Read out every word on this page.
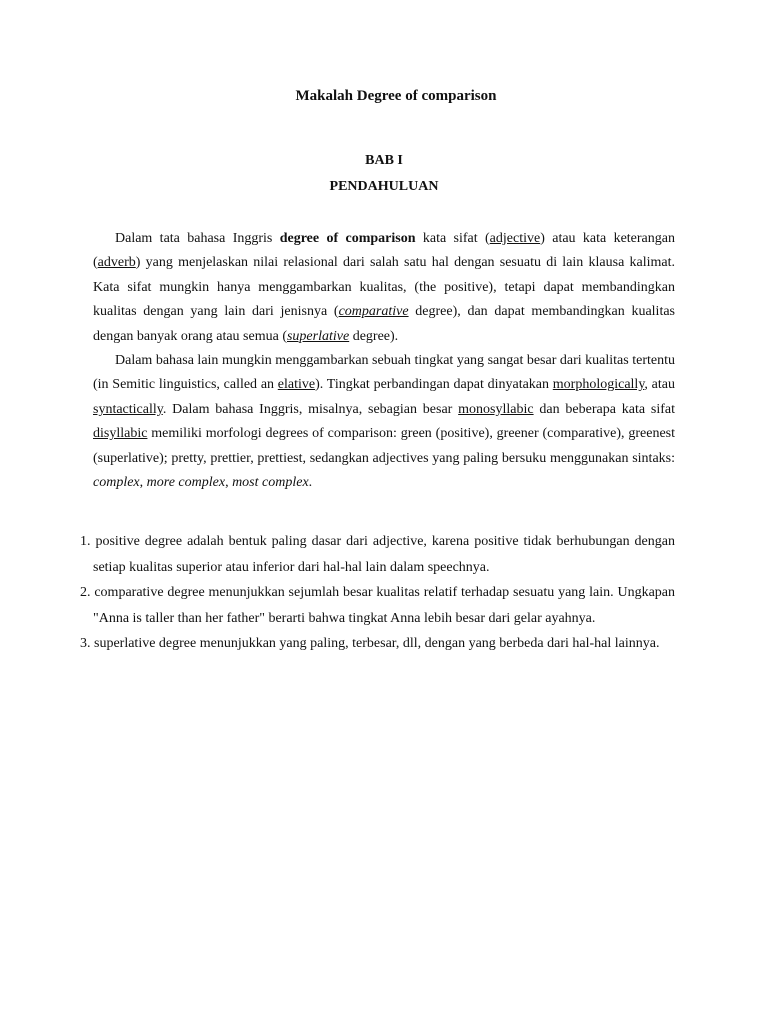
Makalah Degree of comparison
BAB I
PENDAHULUAN

Dalam tata bahasa Inggris degree of comparison kata sifat (adjective) atau kata keterangan (adverb) yang menjelaskan nilai relasional dari salah satu hal dengan sesuatu di lain klausa kalimat. Kata sifat mungkin hanya menggambarkan kualitas, (the positive), tetapi dapat membandingkan kualitas dengan yang lain dari jenisnya (comparative degree), dan dapat membandingkan kualitas dengan banyak orang atau semua (superlative degree).

Dalam bahasa lain mungkin menggambarkan sebuah tingkat yang sangat besar dari kualitas tertentu (in Semitic linguistics, called an elative). Tingkat perbandingan dapat dinyatakan morphologically, atau syntactically. Dalam bahasa Inggris, misalnya, sebagian besar monosyllabic dan beberapa kata sifat disyllabic memiliki morfologi degrees of comparison: green (positive), greener (comparative), greenest (superlative); pretty, prettier, prettiest, sedangkan adjectives yang paling bersuku menggunakan sintaks: complex, more complex, most complex.

1. positive degree adalah bentuk paling dasar dari adjective, karena positive tidak berhubungan dengan setiap kualitas superior atau inferior dari hal-hal lain dalam speechnya.
2. comparative degree menunjukkan sejumlah besar kualitas relatif terhadap sesuatu yang lain. Ungkapan "Anna is taller than her father" berarti bahwa tingkat Anna lebih besar dari gelar ayahnya.
3. superlative degree menunjukkan yang paling, terbesar, dll, dengan yang berbeda dari hal-hal lainnya.
